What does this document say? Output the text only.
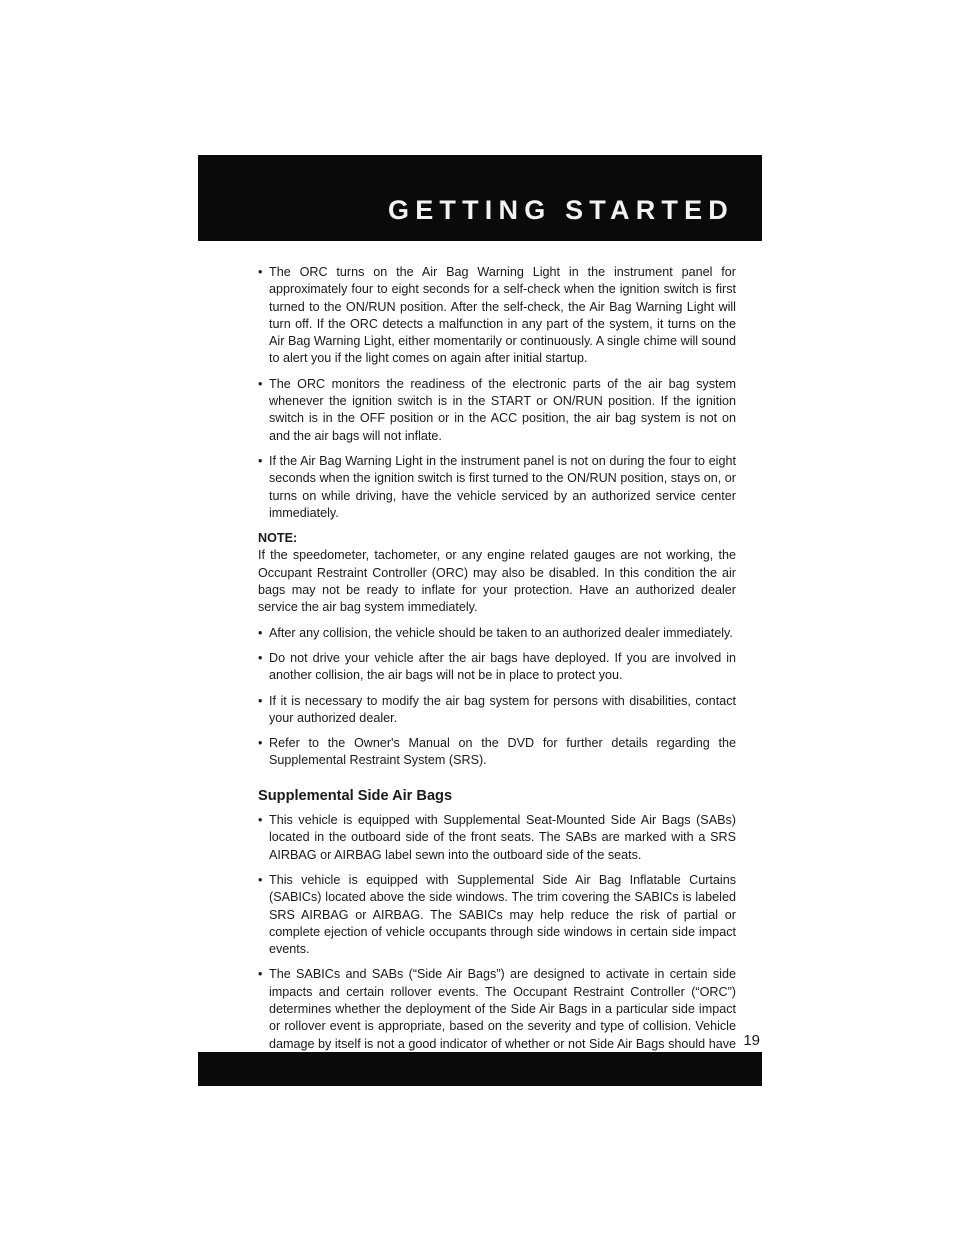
GETTING STARTED
• The ORC turns on the Air Bag Warning Light in the instrument panel for approximately four to eight seconds for a self-check when the ignition switch is first turned to the ON/RUN position. After the self-check, the Air Bag Warning Light will turn off. If the ORC detects a malfunction in any part of the system, it turns on the Air Bag Warning Light, either momentarily or continuously. A single chime will sound to alert you if the light comes on again after initial startup.
• The ORC monitors the readiness of the electronic parts of the air bag system whenever the ignition switch is in the START or ON/RUN position. If the ignition switch is in the OFF position or in the ACC position, the air bag system is not on and the air bags will not inflate.
• If the Air Bag Warning Light in the instrument panel is not on during the four to eight seconds when the ignition switch is first turned to the ON/RUN position, stays on, or turns on while driving, have the vehicle serviced by an authorized service center immediately.
NOTE:
If the speedometer, tachometer, or any engine related gauges are not working, the Occupant Restraint Controller (ORC) may also be disabled. In this condition the air bags may not be ready to inflate for your protection. Have an authorized dealer service the air bag system immediately.
• After any collision, the vehicle should be taken to an authorized dealer immediately.
• Do not drive your vehicle after the air bags have deployed. If you are involved in another collision, the air bags will not be in place to protect you.
• If it is necessary to modify the air bag system for persons with disabilities, contact your authorized dealer.
• Refer to the Owner's Manual on the DVD for further details regarding the Supplemental Restraint System (SRS).
Supplemental Side Air Bags
• This vehicle is equipped with Supplemental Seat-Mounted Side Air Bags (SABs) located in the outboard side of the front seats. The SABs are marked with a SRS AIRBAG or AIRBAG label sewn into the outboard side of the seats.
• This vehicle is equipped with Supplemental Side Air Bag Inflatable Curtains (SABICs) located above the side windows. The trim covering the SABICs is labeled SRS AIRBAG or AIRBAG. The SABICs may help reduce the risk of partial or complete ejection of vehicle occupants through side windows in certain side impact events.
• The SABICs and SABs (“Side Air Bags”) are designed to activate in certain side impacts and certain rollover events. The Occupant Restraint Controller (“ORC”) determines whether the deployment of the Side Air Bags in a particular side impact or rollover event is appropriate, based on the severity and type of collision. Vehicle damage by itself is not a good indicator of whether or not Side Air Bags should have 19
